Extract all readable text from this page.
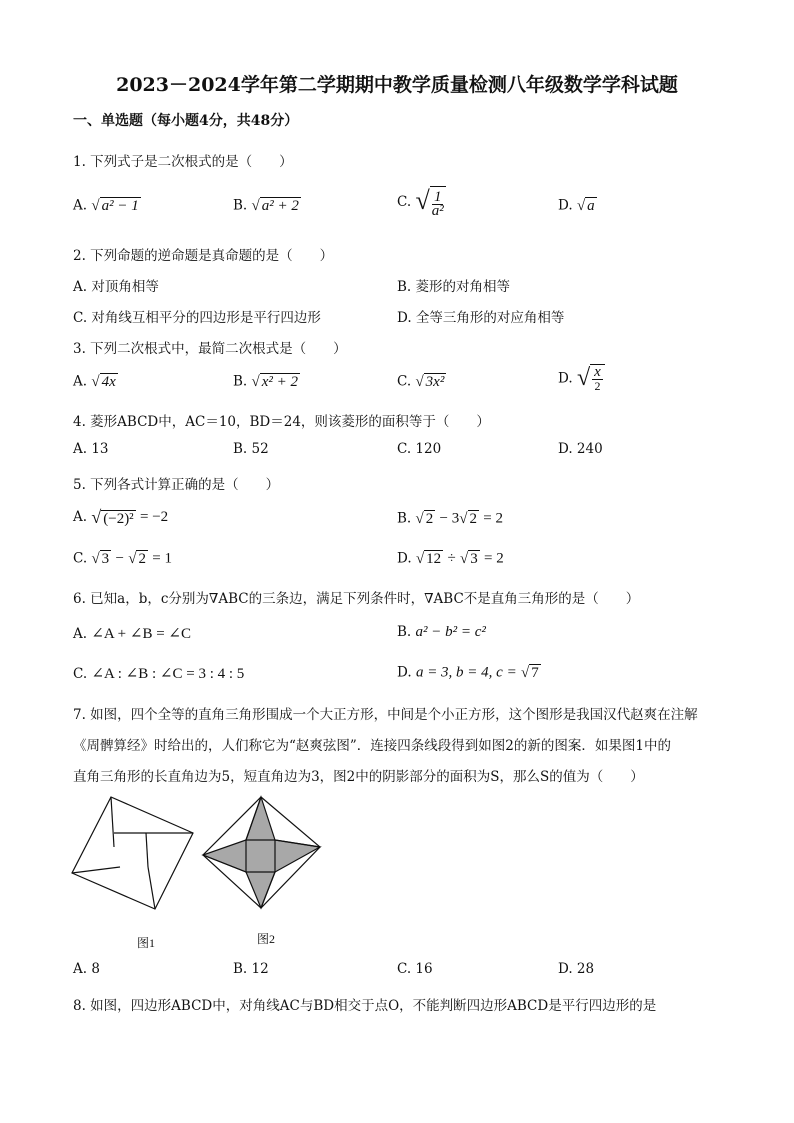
2023－2024学年第二学期期中教学质量检测八年级数学学科试题
一、单选题（每小题4分，共48分）
1. 下列式子是二次根式的是（　　）
A. √ a² − 1	B. √ a² + 2	C. √ $\frac{1}{\text{a²}}$	D. √ a
2. 下列命题的逆命题是真命题的是（　　）
A. 对顶角相等	B. 菱形的对角相等
C. 对角线互相平分的四边形是平行四边形	D. 全等三角形的对应角相等
3. 下列二次根式中，最简二次根式是（　　）
A. √ 4x	B. √ x² + 2	C. √ 3x²	D. √ $\frac{x}{2}$
4. 菱形ABCD中，AC＝10，BD＝24，则该菱形的面积等于（　　）
A. 13	B. 52	C. 120	D. 240
5. 下列各式计算正确的是（　　）
A. √ (−2)² = −2	B. √ 2 − 3√ 2 = 2
C. √ 3 − √ 2 = 1	D. √ 12 ÷ √ 3 = 2
6. 已知a，b，c分别为∇ABC的三条边，满足下列条件时，∇ABC不是直角三角形的是（　　）
A. ∠A + ∠B = ∠C	B. a² − b² = c²
C. ∠A : ∠B : ∠C = 3 : 4 : 5	D. a = 3, b = 4, c = √ 7
7. 如图，四个全等的直角三角形围成一个大正方形，中间是个小正方形，这个图形是我国汉代赵爽在注解
《周髀算经》时给出的，人们称它为“赵爽弦图”．连接四条线段得到如图2的新的图案．如果图1中的
直角三角形的长直角边为5，短直角边为3，图2中的阴影部分的面积为S，那么S的值为（　　）
图1	图2
A. 8	B. 12	C. 16	D. 28
8. 如图，四边形ABCD中，对角线AC与BD相交于点O，不能判断四边形ABCD是平行四边形的是
